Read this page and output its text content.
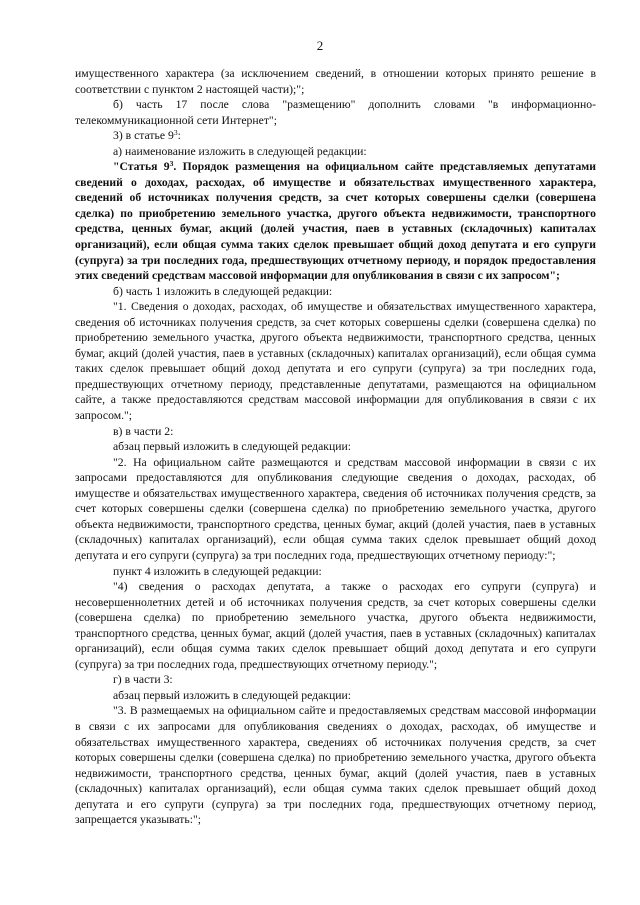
2

имущественного характера (за исключением сведений, в отношении которых принято решение в соответствии с пунктом 2 настоящей части);";

б) часть 17 после слова "размещению" дополнить словами "в информационно-телекоммуникационной сети Интернет";

3) в статье $9^3$:

а) наименование изложить в следующей редакции:

"Статья $9^3$. Порядок размещения на официальном сайте представляемых депутатами сведений о доходах, расходах, об имуществе и обязательствах имущественного характера, сведений об источниках получения средств, за счет которых совершены сделки (совершена сделка) по приобретению земельного участка, другого объекта недвижимости, транспортного средства, ценных бумаг, акций (долей участия, паев в уставных (складочных) капиталах организаций), если общая сумма таких сделок превышает общий доход депутата и его супруги (супруга) за три последних года, предшествующих отчетному периоду, и порядок предоставления этих сведений средствам массовой информации для опубликования в связи с их запросом";

б) часть 1 изложить в следующей редакции:

"1. Сведения о доходах, расходах, об имуществе и обязательствах имущественного характера, сведения об источниках получения средств, за счет которых совершены сделки (совершена сделка) по приобретению земельного участка, другого объекта недвижимости, транспортного средства, ценных бумаг, акций (долей участия, паев в уставных (складочных) капиталах организаций), если общая сумма таких сделок превышает общий доход депутата и его супруги (супруга) за три последних года, предшествующих отчетному периоду, представленные депутатами, размещаются на официальном сайте, а также предоставляются средствам массовой информации для опубликования в связи с их запросом.";

в) в части 2:

абзац первый изложить в следующей редакции:

"2. На официальном сайте размещаются и средствам массовой информации в связи с их запросами предоставляются для опубликования следующие сведения о доходах, расходах, об имуществе и обязательствах имущественного характера, сведения об источниках получения средств, за счет которых совершены сделки (совершена сделка) по приобретению земельного участка, другого объекта недвижимости, транспортного средства, ценных бумаг, акций (долей участия, паев в уставных (складочных) капиталах организаций), если общая сумма таких сделок превышает общий доход депутата и его супруги (супруга) за три последних года, предшествующих отчетному периоду:";

пункт 4 изложить в следующей редакции:

"4) сведения о расходах депутата, а также о расходах его супруги (супруга) и несовершеннолетних детей и об источниках получения средств, за счет которых совершены сделки (совершена сделка) по приобретению земельного участка, другого объекта недвижимости, транспортного средства, ценных бумаг, акций (долей участия, паев в уставных (складочных) капиталах организаций), если общая сумма таких сделок превышает общий доход депутата и его супруги (супруга) за три последних года, предшествующих отчетному периоду.";

г) в части 3:

абзац первый изложить в следующей редакции:

"3. В размещаемых на официальном сайте и предоставляемых средствам массовой информации в связи с их запросами для опубликования сведениях о доходах, расходах, об имуществе и обязательствах имущественного характера, сведениях об источниках получения средств, за счет которых совершены сделки (совершена сделка) по приобретению земельного участка, другого объекта недвижимости, транспортного средства, ценных бумаг, акций (долей участия, паев в уставных (складочных) капиталах организаций), если общая сумма таких сделок превышает общий доход депутата и его супруги (супруга) за три последних года, предшествующих отчетному период, запрещается указывать:";
